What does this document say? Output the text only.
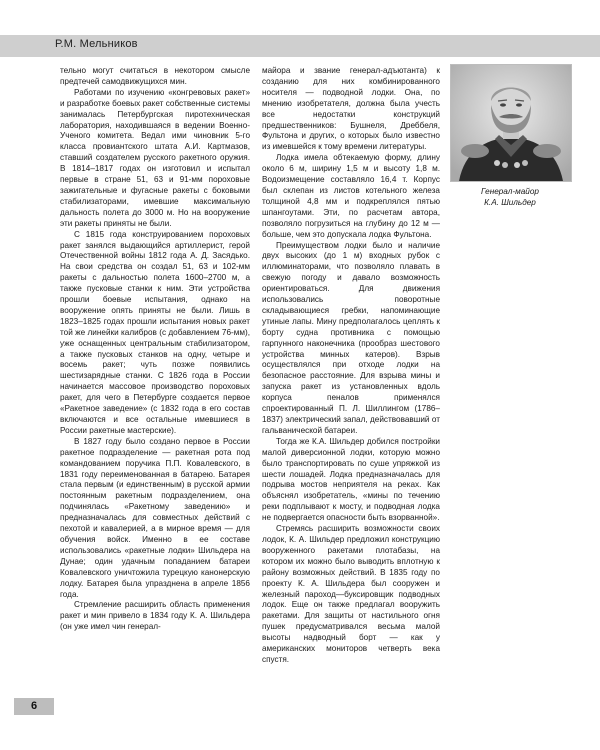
Р.М. Мельников

тельно могут считаться в некотором смысле предтечей самодвижущихся мин.

Работами по изучению «конгревовых ракет» и разработке боевых ракет собственные системы занималась Петербургская пиротехническая лаборатория, находившаяся в ведении Военно-Ученого комитета. Ведал ими чиновник 5-го класса провиантского штата А.И. Картмазов, ставший создателем русского ракетного оружия. В 1814–1817 годах он изготовил и испытал первые в стране 51, 63 и 91-мм пороховые зажигательные и фугасные ракеты с боковыми стабилизаторами, имевшие максимальную дальность полета до 3000 м. Но на вооружение эти ракеты приняты не были.

С 1815 года конструированием пороховых ракет занялся выдающийся артиллерист, герой Отечественной войны 1812 года А. Д. Засядько. На свои средства он создал 51, 63 и 102-мм ракеты с дальностью полета 1600–2700 м, а также пусковые станки к ним. Эти устройства прошли боевые испытания, однако на вооружение опять приняты не были. Лишь в 1823–1825 годах прошли испытания новых ракет той же линейки калибров (с добавлением 76-мм), уже оснащенных центральным стабилизатором, а также пусковых станков на одну, четыре и восемь ракет; чуть позже появились шестизарядные станки. С 1826 года в России начинается массовое производство пороховых ракет, для чего в Петербурге создается первое «Ракетное заведение» (с 1832 года в его состав включаются и все остальные имевшиеся в России ракетные мастерские).

В 1827 году было создано первое в России ракетное подразделение — ракетная рота под командованием поручика П.П. Ковалевского, в 1831 году переименованная в батарею. Батарея стала первым (и единственным) в русской армии постоянным ракетным подразделением, она подчинялась «Ракетному заведению» и предназначалась для совместных действий с пехотой и кавалерией, а в мирное время — для обучения войск. Именно в ее составе использовались «ракетные лодки» Шильдера на Дунае; один удачным попаданием батареи Ковалевского уничтожила турецкую канонерскую лодку. Батарея была упразднена в апреле 1856 года.

Стремление расширить область применения ракет и мин привело в 1834 году К. А. Шильдера (он уже имел чин генерал-

майора и звание генерал-адъютанта) к созданию для них комбинированного носителя — подводной лодки. Она, по мнению изобретателя, должна была учесть все недостатки конструкций предшественников: Бушнеля, Дреббеля, Фультона и других, о которых было известно из имевшейся к тому времени литературы.

Лодка имела обтекаемую форму, длину около 6 м, ширину 1,5 м и высоту 1,8 м. Водоизмещение составляло 16,4 т. Корпус был склепан из листов котельного железа толщиной 4,8 мм и подкреплялся пятью шпангоутами. Эти, по расчетам автора, позволяло погрузиться на глубину до 12 м — больше, чем это допускала лодка Фультона.

Преимуществом лодки было и наличие двух высоких (до 1 м) входных рубок с иллюминаторами, что позволяло плавать в свежую погоду и давало возможность ориентироваться. Для движения использовались поворотные складывающиеся гребки, напоминающие утиные лапы. Мину предполагалось цеплять к борту судна противника с помощью гарпунного наконечника (прообраз шестового устройства минных катеров). Взрыв осуществлялся при отходе лодки на безопасное расстояние. Для взрыва мины и запуска ракет из установленных вдоль корпуса пеналов применялся спроектированный П. Л. Шиллингом (1786–1837) электрический запал, действовавший от гальванической батареи.

Тогда же К.А. Шильдер добился постройки малой диверсионной лодки, которую можно было транспортировать по суше упряжкой из шести лошадей. Лодка предназначалась для подрыва мостов неприятеля на реках. Как объяснял изобретатель, «мины по течению реки подплывают к мосту, и подводная лодка не подвергается опасности быть взорванной».

Стремясь расширить возможности своих лодок, К. А. Шильдер предложил конструкцию вооруженного ракетами плотабазы, на котором их можно было выводить вплотную к району возможных действий. В 1835 году по проекту К. А. Шильдера был сооружен и железный пароход—буксировщик подводных лодок. Еще он также предлагал вооружить ракетами. Для защиты от настильного огня пушек предусматривался весьма малой высоты надводный борт — как у американских мониторов четверть века спустя.

Генерал-майор
К.А. Шильдер
6
